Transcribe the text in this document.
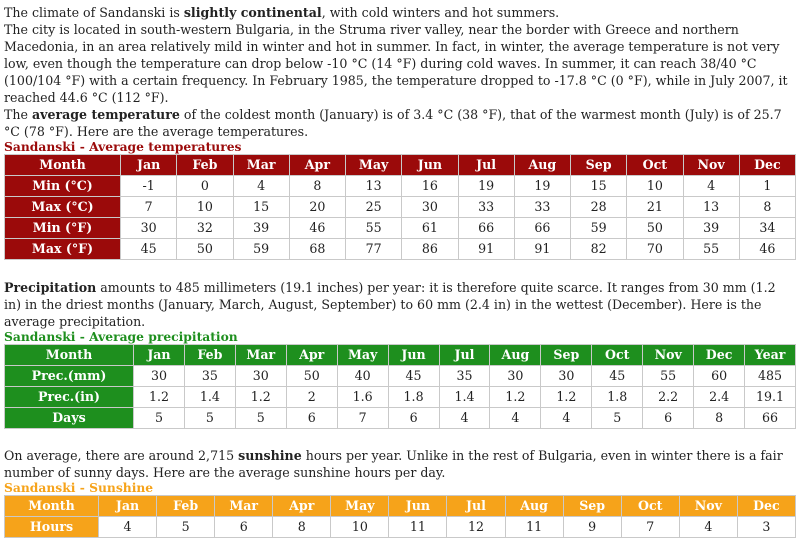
The climate of Sandanski is slightly continental, with cold winters and hot summers.
The city is located in south-western Bulgaria, in the Struma river valley, near the border with Greece and northern Macedonia, in an area relatively mild in winter and hot in summer. In fact, in winter, the average temperature is not very low, even though the temperature can drop below -10 °C (14 °F) during cold waves. In summer, it can reach 38/40 °C (100/104 °F) with a certain frequency. In February 1985, the temperature dropped to -17.8 °C (0 °F), while in July 2007, it reached 44.6 °C (112 °F).
The average temperature of the coldest month (January) is of 3.4 °C (38 °F), that of the warmest month (July) is of 25.7 °C (78 °F). Here are the average temperatures.

Sandanski - Average temperatures
Month	Jan	Feb	Mar	Apr	May	Jun	Jul	Aug	Sep	Oct	Nov	Dec
Min (°C)	-1	0	4	8	13	16	19	19	15	10	4	1
Max (°C)	7	10	15	20	25	30	33	33	28	21	13	8
Min (°F)	30	32	39	46	55	61	66	66	59	50	39	34
Max (°F)	45	50	59	68	77	86	91	91	82	70	55	46

Precipitation amounts to 485 millimeters (19.1 inches) per year: it is therefore quite scarce. It ranges from 30 mm (1.2 in) in the driest months (January, March, August, September) to 60 mm (2.4 in) in the wettest (December). Here is the average precipitation.

Sandanski - Average precipitation
Month	Jan	Feb	Mar	Apr	May	Jun	Jul	Aug	Sep	Oct	Nov	Dec	Year
Prec.(mm)	30	35	30	50	40	45	35	30	30	45	55	60	485
Prec.(in)	1.2	1.4	1.2	2	1.6	1.8	1.4	1.2	1.2	1.8	2.2	2.4	19.1
Days	5	5	5	6	7	6	4	4	4	5	6	8	66

On average, there are around 2,715 sunshine hours per year. Unlike in the rest of Bulgaria, even in winter there is a fair number of sunny days. Here are the average sunshine hours per day.

Sandanski - Sunshine
Month	Jan	Feb	Mar	Apr	May	Jun	Jul	Aug	Sep	Oct	Nov	Dec
Hours	4	5	6	8	10	11	12	11	9	7	4	3
